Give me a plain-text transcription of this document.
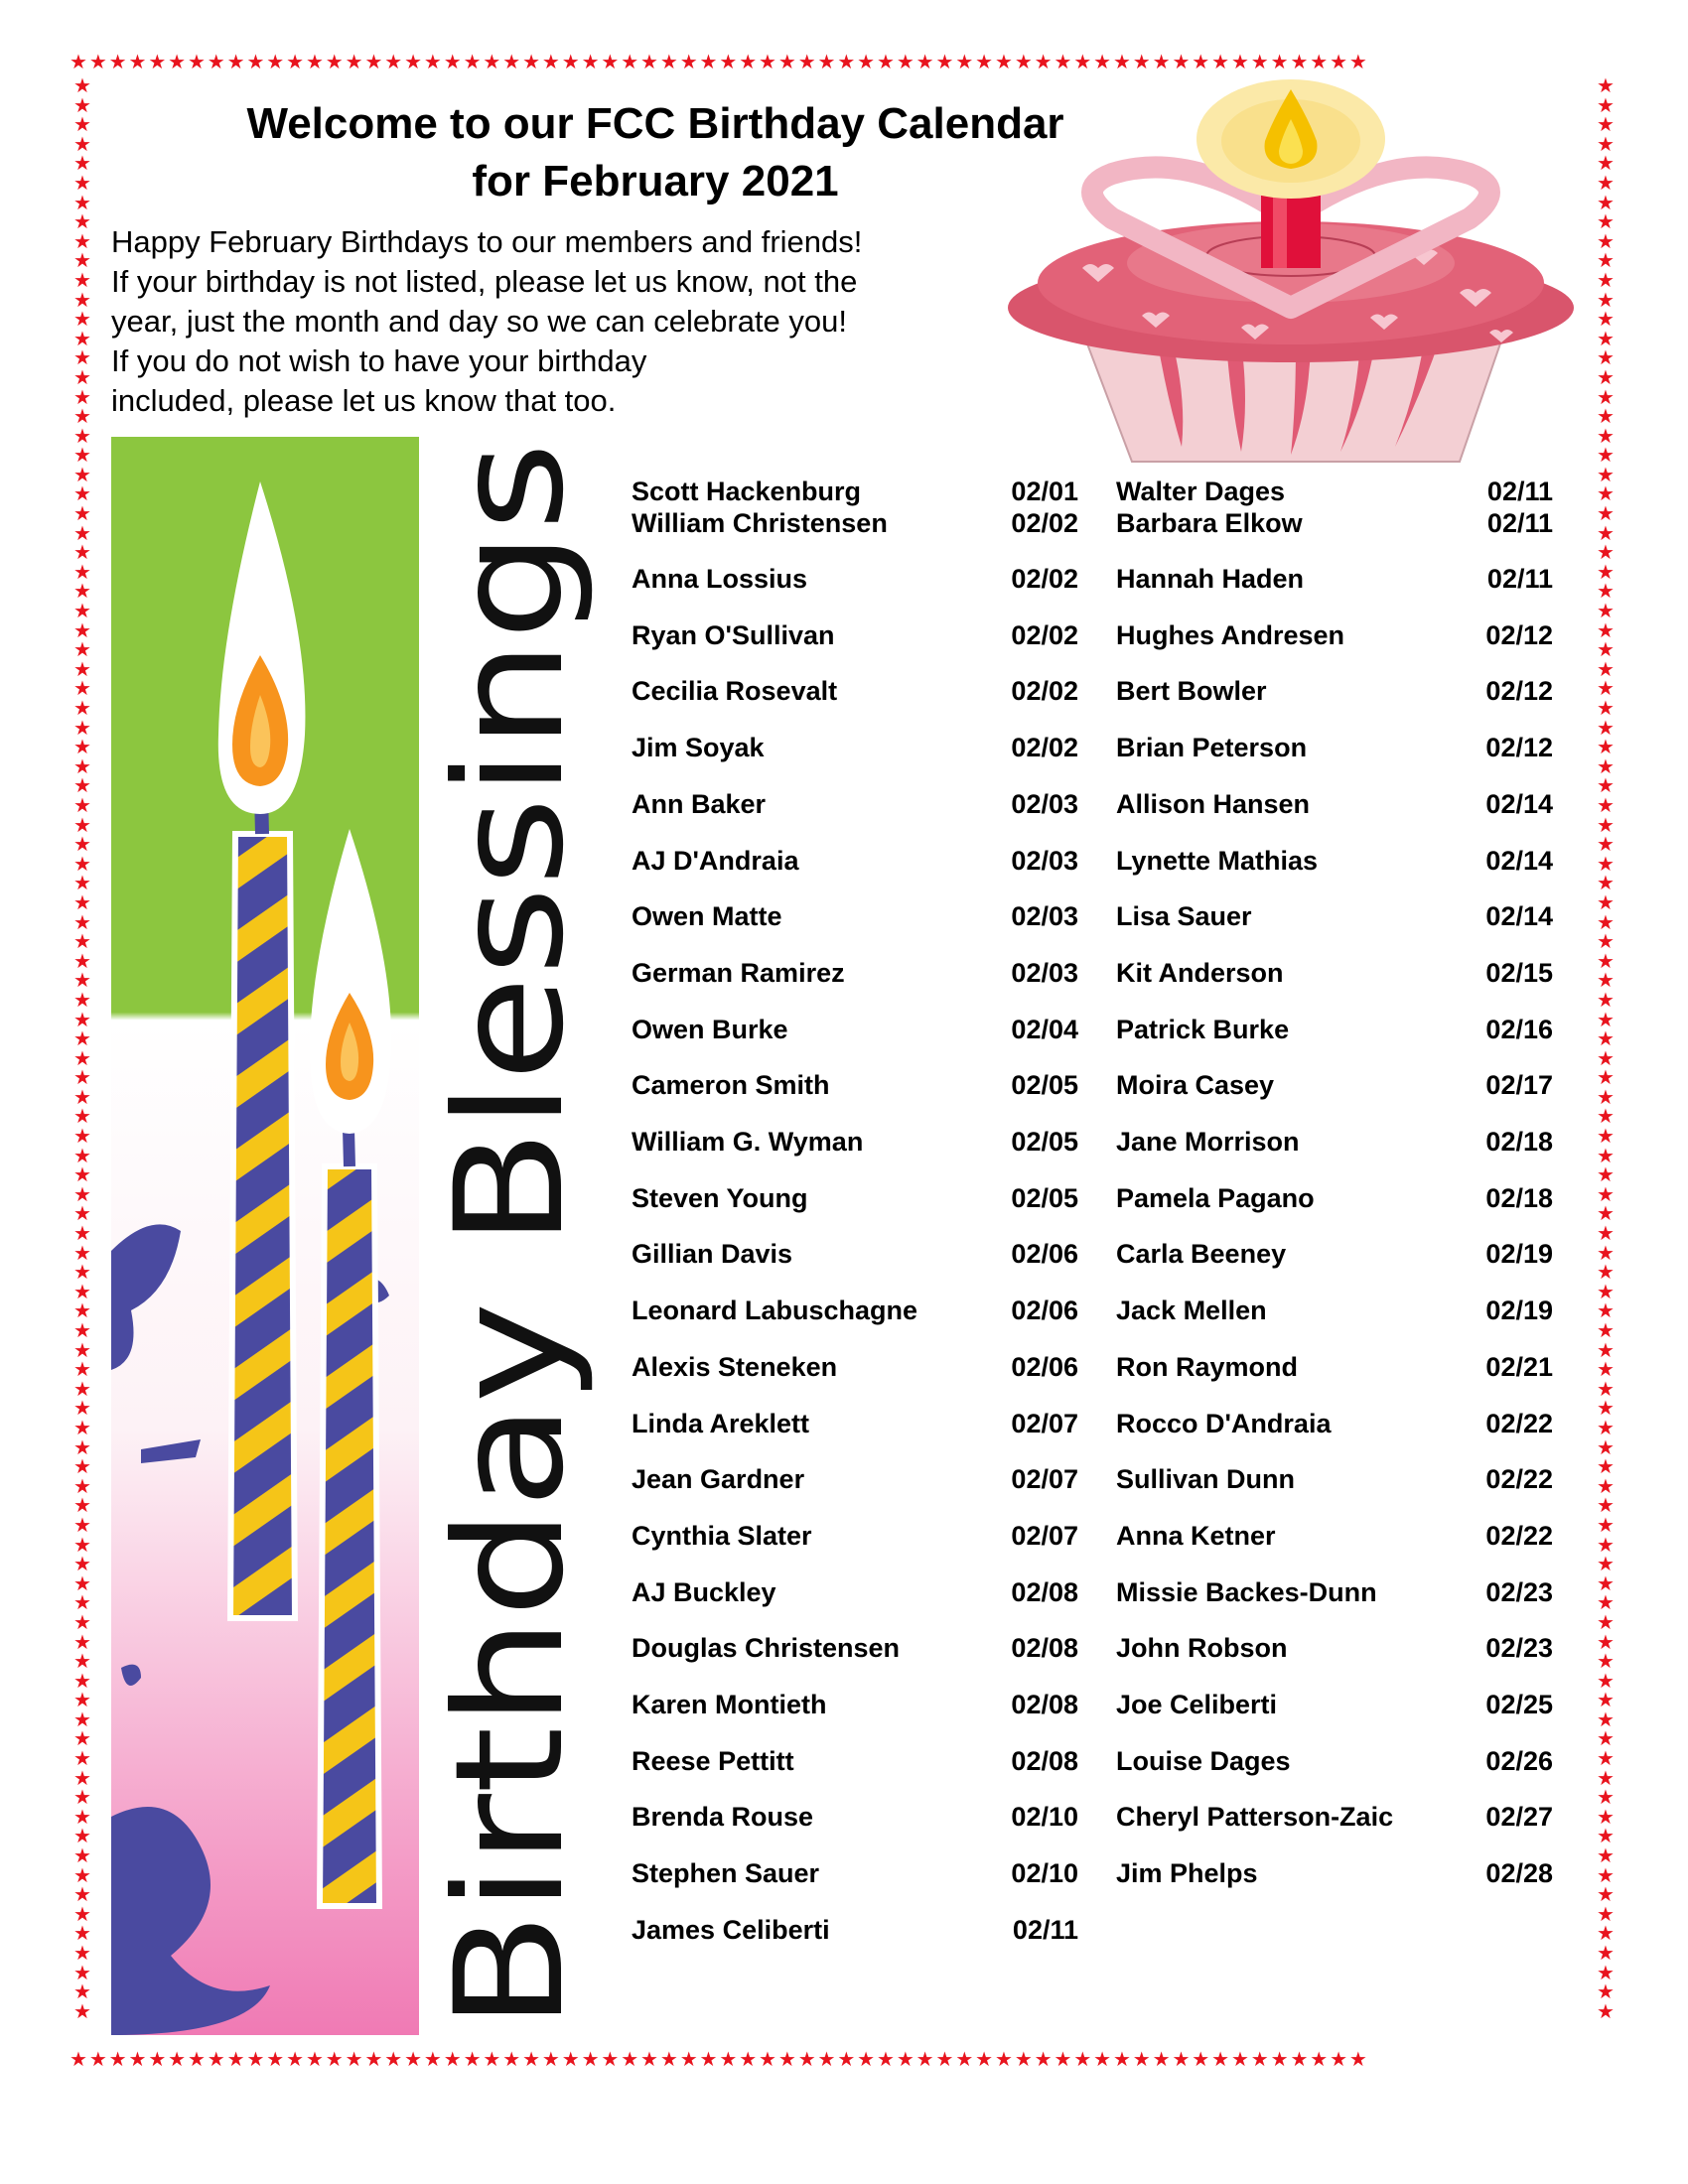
★★★★★★★★★★★★★★★★★★★★★★★★★★★★★★★★★★★★★★★★★★★★★★★★★★★★★★★★★★★★★★★★★★
★★★★★★★★★★★★★★★★★★★★★★★★★★★★★★★★★★★★★★★★★★★★★★★★★★★★★★★★★★★★★★★★★★
★
★
★
★
★
★
★
★
★
★
★
★
★
★
★
★
★
★
★
★
★
★
★
★
★
★
★
★
★
★
★
★
★
★
★
★
★
★
★
★
★
★
★
★
★
★
★
★
★
★
★
★
★
★
★
★
★
★
★
★
★
★
★
★
★
★
★
★
★
★
★
★
★
★
★
★
★
★
★
★
★
★
★
★
★
★
★
★
★
★
★
★
★
★
★
★
★
★
★
★
★
★
★
★
★
★
★
★
★
★
★
★
★
★
★
★
★
★
★
★
★
★
★
★
★
★
★
★
★
★
★
★
★
★
★
★
★
★
★
★
★
★
★
★
★
★
★
★
★
★
★
★
★
★
★
★
★
★
★
★
★
★
★
★
★
★
★
★
★
★
★
★
★
★
★
★
★
★
★
★
★
★
★
★
★
★
★
★
★
★
★
★
★
★
★
★
★
★
★
★
Welcome to our FCC Birthday Calendar
for February 2021

Happy February Birthdays to our members and friends!
If your birthday is not listed, please let us know, not the
year, just the month and day so we can celebrate you!
If you do not wish to have your birthday
included, please let us know that too.

Birthday Blessings
Scott Hackenburg	02/01
William Christensen	02/02
Anna Lossius	02/02
Ryan O'Sullivan	02/02
Cecilia Rosevalt	02/02
Jim Soyak	02/02
Ann Baker	02/03
AJ D'Andraia	02/03
Owen Matte	02/03
German Ramirez	02/03
Owen Burke	02/04
Cameron Smith	02/05
William G. Wyman	02/05
Steven Young	02/05
Gillian Davis	02/06
Leonard Labuschagne	02/06
Alexis Steneken	02/06
Linda Areklett	02/07
Jean Gardner	02/07
Cynthia Slater	02/07
AJ Buckley	02/08
Douglas Christensen	02/08
Karen Montieth	02/08
Reese Pettitt	02/08
Brenda Rouse	02/10
Stephen Sauer	02/10
James Celiberti	02/11
Walter Dages	02/11
Barbara Elkow	02/11
Hannah Haden	02/11
Hughes Andresen	02/12
Bert Bowler	02/12
Brian Peterson	02/12
Allison Hansen	02/14
Lynette Mathias	02/14
Lisa Sauer	02/14
Kit Anderson	02/15
Patrick Burke	02/16
Moira Casey	02/17
Jane Morrison	02/18
Pamela Pagano	02/18
Carla Beeney	02/19
Jack Mellen	02/19
Ron Raymond	02/21
Rocco D'Andraia	02/22
Sullivan Dunn	02/22
Anna Ketner	02/22
Missie Backes-Dunn	02/23
John Robson	02/23
Joe Celiberti	02/25
Louise Dages	02/26
Cheryl Patterson-Zaic	02/27
Jim Phelps	02/28
